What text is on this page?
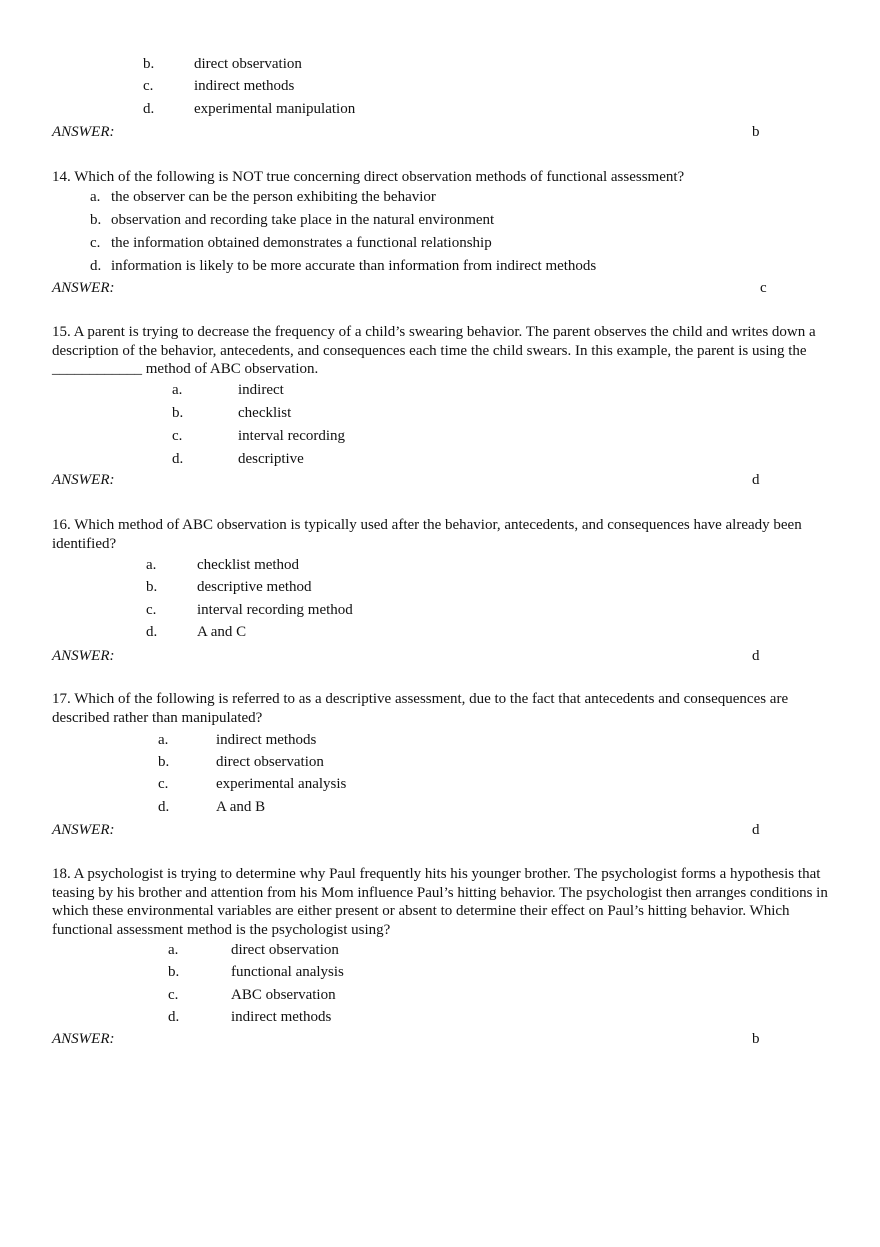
b.	direct observation
c.	indirect methods
d.	experimental manipulation
ANSWER:	b
14. Which of the following is NOT true concerning direct observation methods of functional assessment?
a. the observer can be the person exhibiting the behavior
b. observation and recording take place in the natural environment
c. the information obtained demonstrates a functional relationship
d. information is likely to be more accurate than information from indirect methods
ANSWER:	c
15. A parent is trying to decrease the frequency of a child’s swearing behavior. The parent observes the child and writes down a description of the behavior, antecedents, and consequences each time the child swears. In this example, the parent is using the ____________ method of ABC observation.
a.	indirect
b.	checklist
c.	interval recording
d.	descriptive
ANSWER:	d
16. Which method of ABC observation is typically used after the behavior, antecedents, and consequences have already been identified?
a.	checklist method
b.	descriptive method
c.	interval recording method
d.	A and C
ANSWER:	d
17. Which of the following is referred to as a descriptive assessment, due to the fact that antecedents and consequences are described rather than manipulated?
a.	indirect methods
b.	direct observation
c.	experimental analysis
d.	A and B
ANSWER:	d
18. A psychologist is trying to determine why Paul frequently hits his younger brother. The psychologist forms a hypothesis that teasing by his brother and attention from his Mom influence Paul’s hitting behavior. The psychologist then arranges conditions in which these environmental variables are either present or absent to determine their effect on Paul’s hitting behavior. Which functional assessment method is the psychologist using?
a.	direct observation
b.	functional analysis
c.	ABC observation
d.	indirect methods
ANSWER:	b
